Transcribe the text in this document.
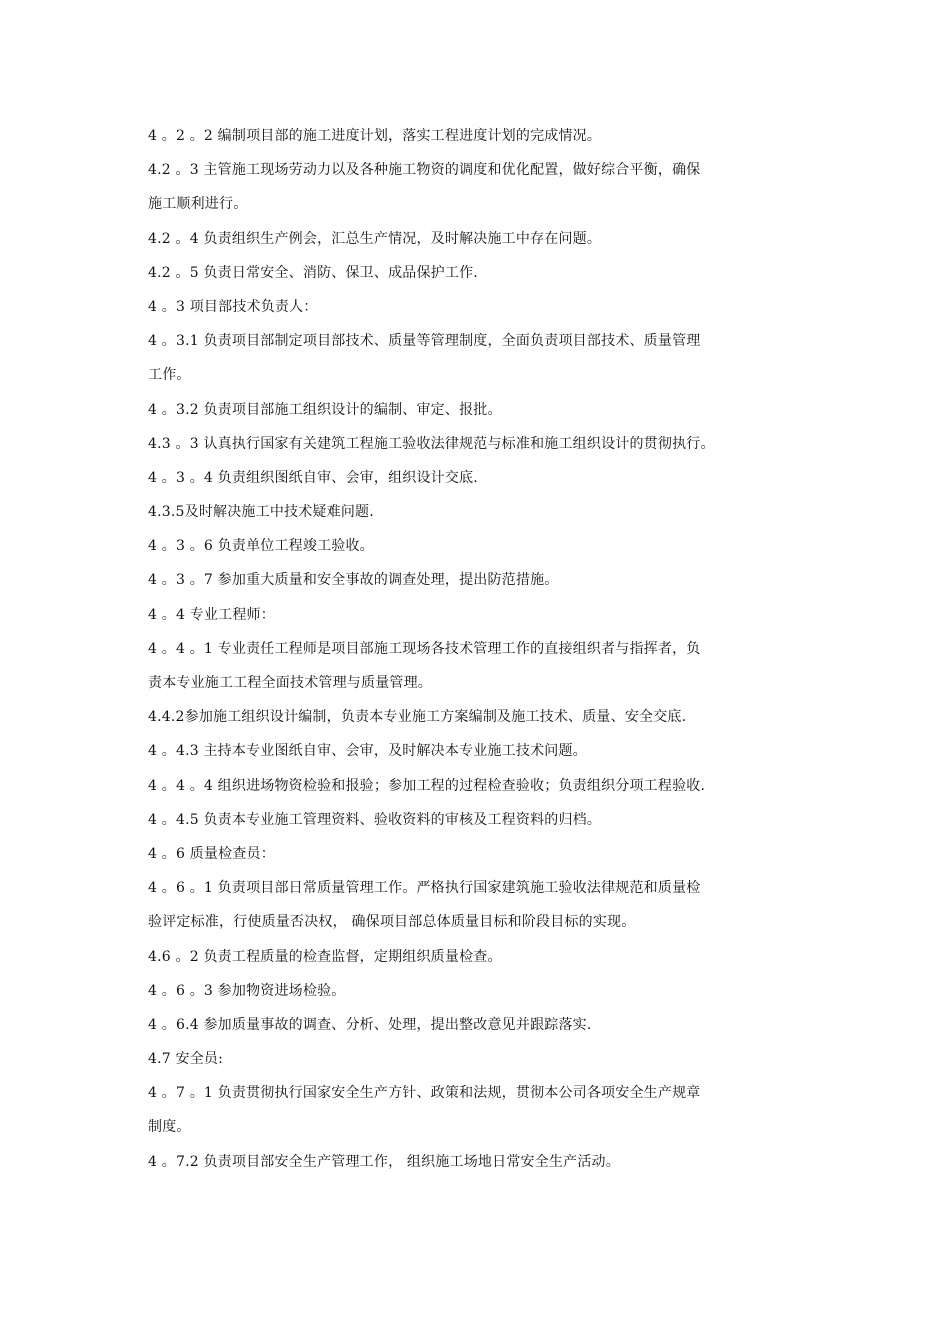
4 。2 。2 编制项目部的施工进度计划，落实工程进度计划的完成情况。
4.2 。3 主管施工现场劳动力以及各种施工物资的调度和优化配置，做好综合平衡，确保
施工顺利进行。
4.2 。4 负责组织生产例会，汇总生产情况，及时解决施工中存在问题。
4.2 。5 负责日常安全、消防、保卫、成品保护工作.
4 。3 项目部技术负责人：
4 。3.1 负责项目部制定项目部技术、质量等管理制度，全面负责项目部技术、质量管理
工作。
4 。3.2 负责项目部施工组织设计的编制、审定、报批。
4.3 。3 认真执行国家有关建筑工程施工验收法律规范与标准和施工组织设计的贯彻执行。
4 。3 。4 负责组织图纸自审、会审，组织设计交底.
4.3.5及时解决施工中技术疑难问题.
4 。3 。6 负责单位工程竣工验收。
4 。3 。7 参加重大质量和安全事故的调查处理，提出防范措施。
4 。4 专业工程师：
4 。4 。1 专业责任工程师是项目部施工现场各技术管理工作的直接组织者与指挥者，负
责本专业施工工程全面技术管理与质量管理。
4.4.2参加施工组织设计编制，负责本专业施工方案编制及施工技术、质量、安全交底.
4 。4.3 主持本专业图纸自审、会审，及时解决本专业施工技术问题。
4 。4 。4 组织进场物资检验和报验；参加工程的过程检查验收；负责组织分项工程验收.
4 。4.5 负责本专业施工管理资料、验收资料的审核及工程资料的归档。
4 。6 质量检查员：
4 。6 。1 负责项目部日常质量管理工作。严格执行国家建筑施工验收法律规范和质量检
验评定标准，行使质量否决权， 确保项目部总体质量目标和阶段目标的实现。
4.6 。2 负责工程质量的检查监督，定期组织质量检查。
4 。6 。3 参加物资进场检验。
4 。6.4 参加质量事故的调查、分析、处理，提出整改意见并跟踪落实.
4.7 安全员:
4 。7 。1 负责贯彻执行国家安全生产方针、政策和法规，贯彻本公司各项安全生产规章
制度。
4 。7.2 负责项目部安全生产管理工作， 组织施工场地日常安全生产活动。
